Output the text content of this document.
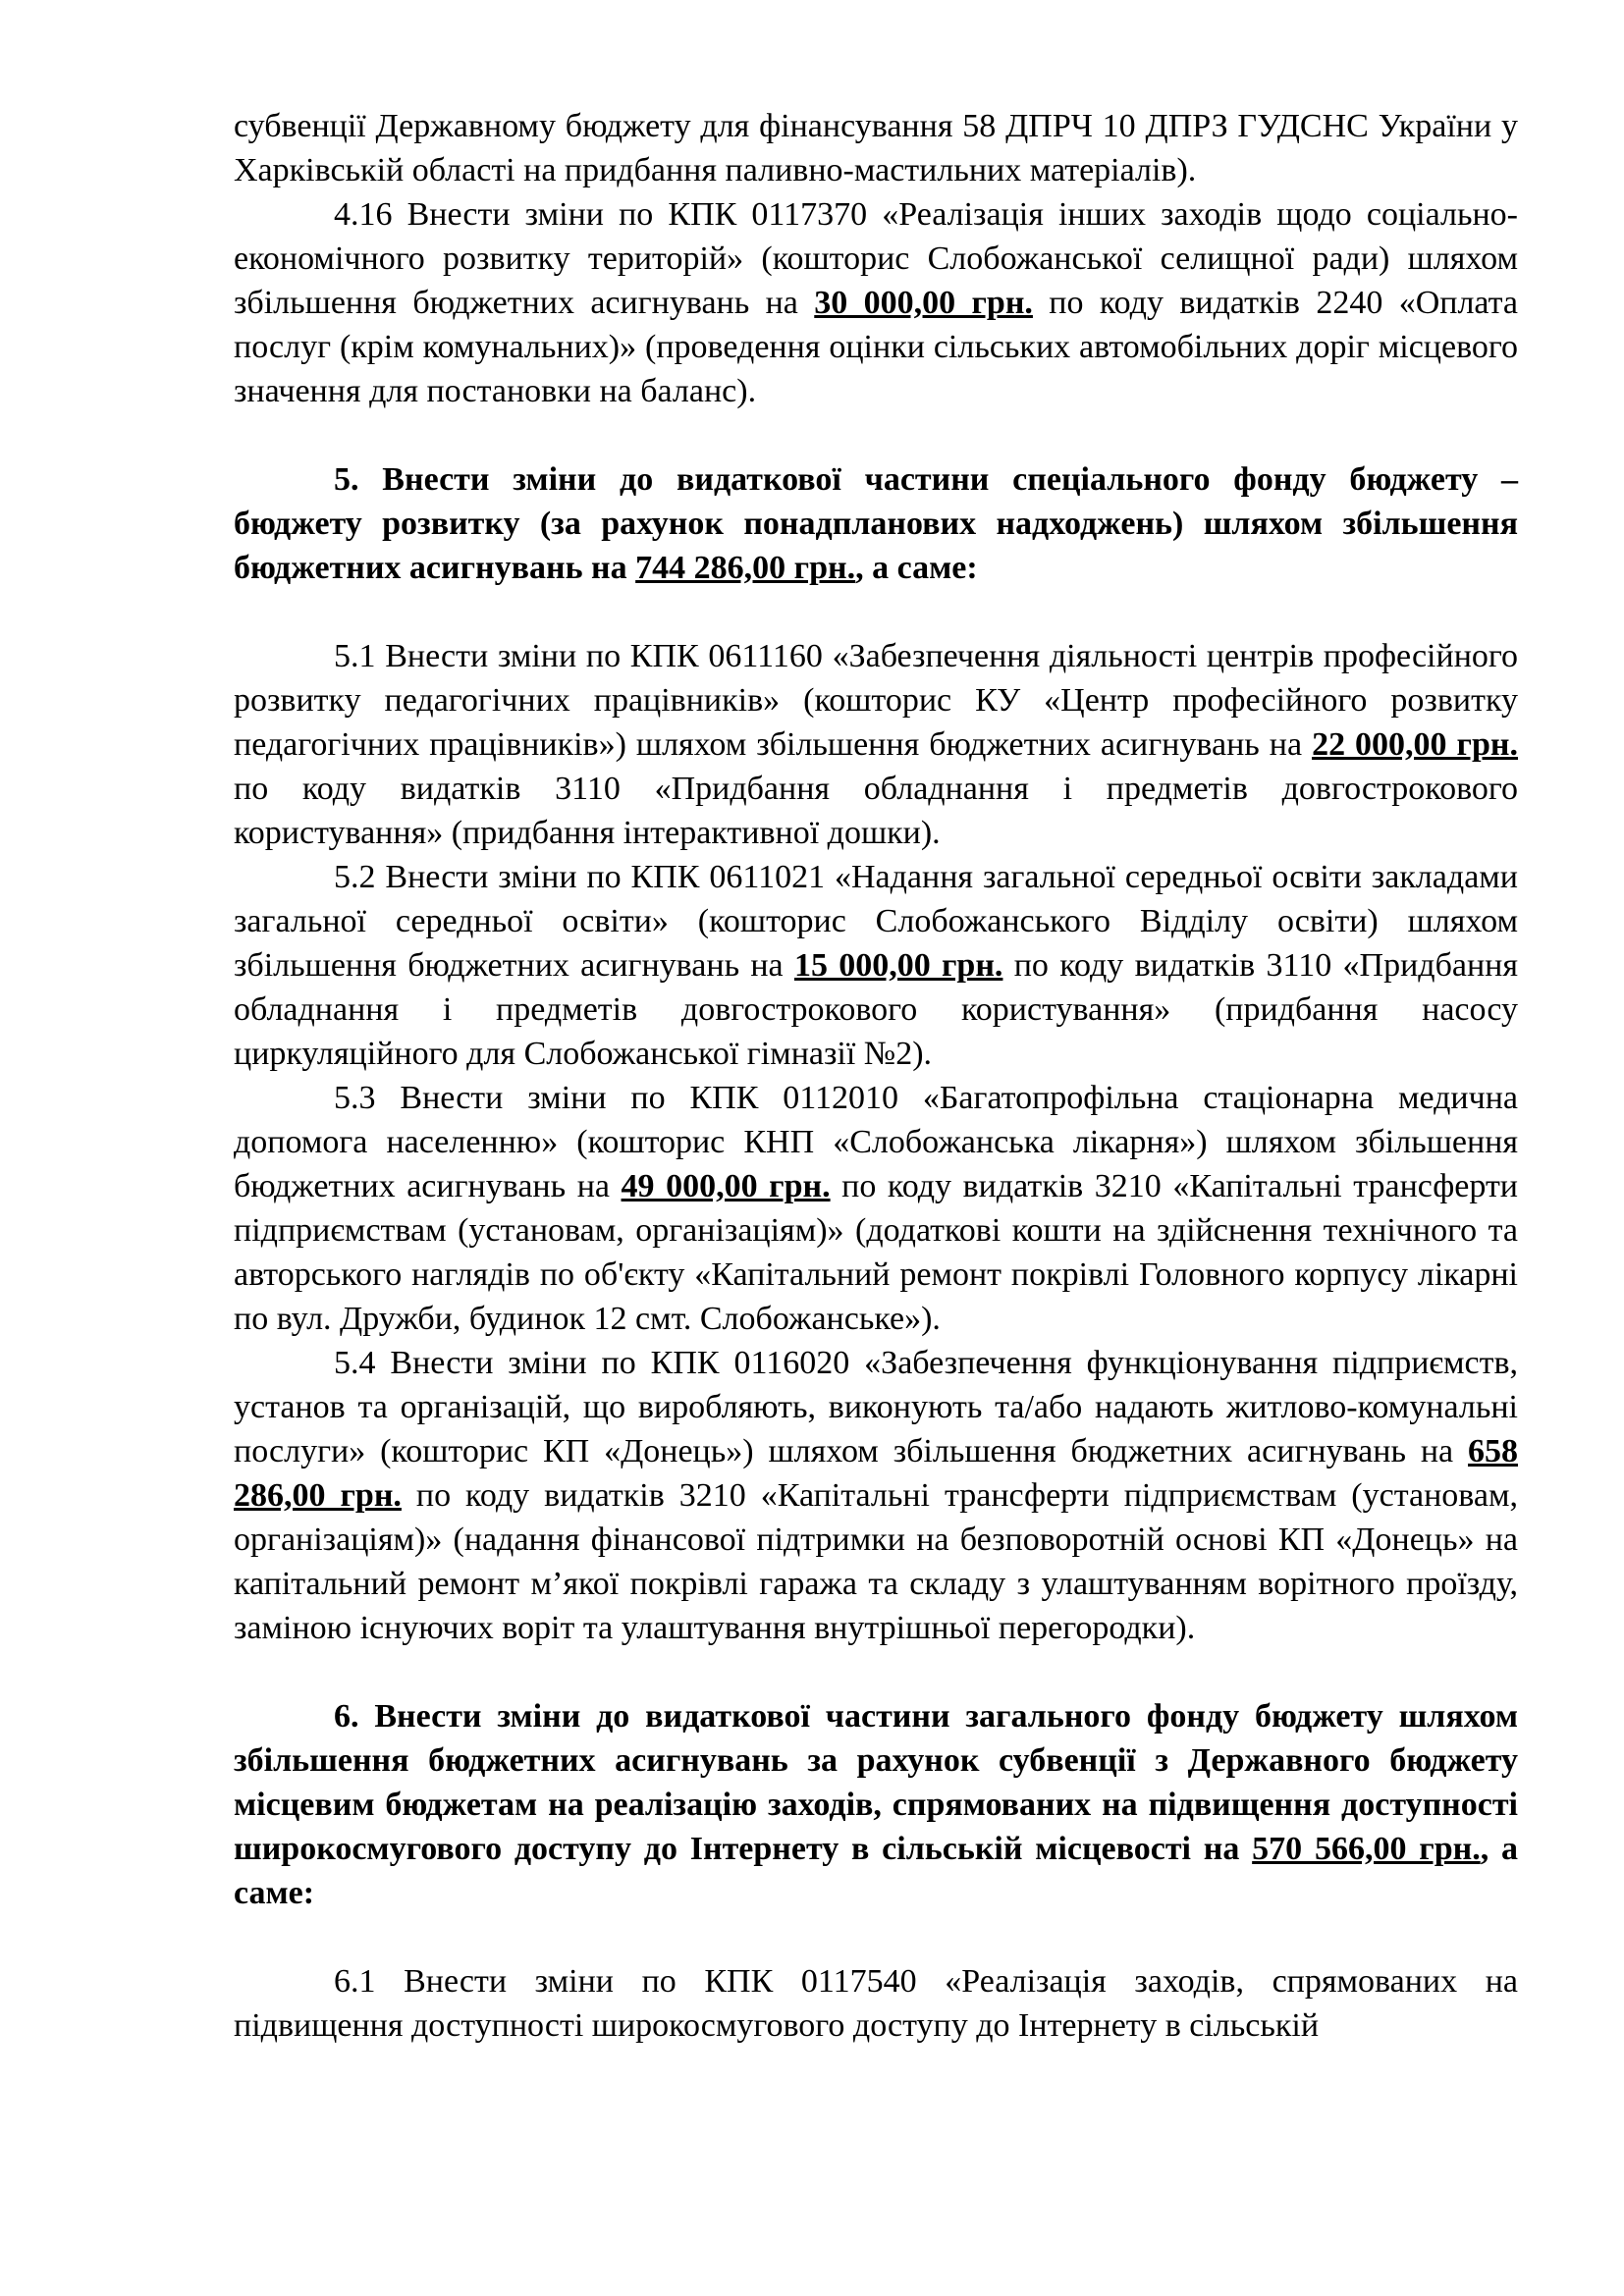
субвенції Державному бюджету для фінансування 58 ДПРЧ 10 ДПРЗ ГУДСНС України у Харківській області на придбання паливно-мастильних матеріалів).

4.16 Внести зміни по КПК 0117370 «Реалізація інших заходів щодо соціально-економічного розвитку територій» (кошторис Слобожанської селищної ради) шляхом збільшення бюджетних асигнувань на 30 000,00 грн. по коду видатків 2240 «Оплата послуг (крім комунальних)» (проведення оцінки сільських автомобільних доріг місцевого значення для постановки на баланс).

5. Внести зміни до видаткової частини спеціального фонду бюджету – бюджету розвитку (за рахунок понадпланових надходжень) шляхом збільшення бюджетних асигнувань на 744 286,00 грн., а саме:

5.1 Внести зміни по КПК 0611160 «Забезпечення діяльності центрів професійного розвитку педагогічних працівників» (кошторис КУ «Центр професійного розвитку педагогічних працівників») шляхом збільшення бюджетних асигнувань на 22 000,00 грн. по коду видатків 3110 «Придбання обладнання і предметів довгострокового користування» (придбання інтерактивної дошки).

5.2 Внести зміни по КПК 0611021 «Надання загальної середньої освіти закладами загальної середньої освіти» (кошторис Слобожанського Відділу освіти) шляхом збільшення бюджетних асигнувань на 15 000,00 грн. по коду видатків 3110 «Придбання обладнання і предметів довгострокового користування» (придбання насосу циркуляційного для Слобожанської гімназії №2).

5.3 Внести зміни по КПК 0112010 «Багатопрофільна стаціонарна медична допомога населенню» (кошторис КНП «Слобожанська лікарня») шляхом збільшення бюджетних асигнувань на 49 000,00 грн. по коду видатків 3210 «Капітальні трансферти підприємствам (установам, організаціям)» (додаткові кошти на здійснення технічного та авторського наглядів по об'єкту «Капітальний ремонт покрівлі Головного корпусу лікарні по вул. Дружби, будинок 12 смт. Слобожанське»).

5.4 Внести зміни по КПК 0116020 «Забезпечення функціонування підприємств, установ та організацій, що виробляють, виконують та/або надають житлово-комунальні послуги» (кошторис КП «Донець») шляхом збільшення бюджетних асигнувань на 658 286,00 грн. по коду видатків 3210 «Капітальні трансферти підприємствам (установам, організаціям)» (надання фінансової підтримки на безповоротній основі КП «Донець» на капітальний ремонт м’якої покрівлі гаража та складу з улаштуванням ворітного проїзду, заміною існуючих воріт та улаштування внутрішньої перегородки).

6. Внести зміни до видаткової частини загального фонду бюджету шляхом збільшення бюджетних асигнувань за рахунок субвенції з Державного бюджету місцевим бюджетам на реалізацію заходів, спрямованих на підвищення доступності широкосмугового доступу до Інтернету в сільській місцевості на 570 566,00 грн., а саме:

6.1 Внести зміни по КПК 0117540 «Реалізація заходів, спрямованих на підвищення доступності широкосмугового доступу до Інтернету в сільській
